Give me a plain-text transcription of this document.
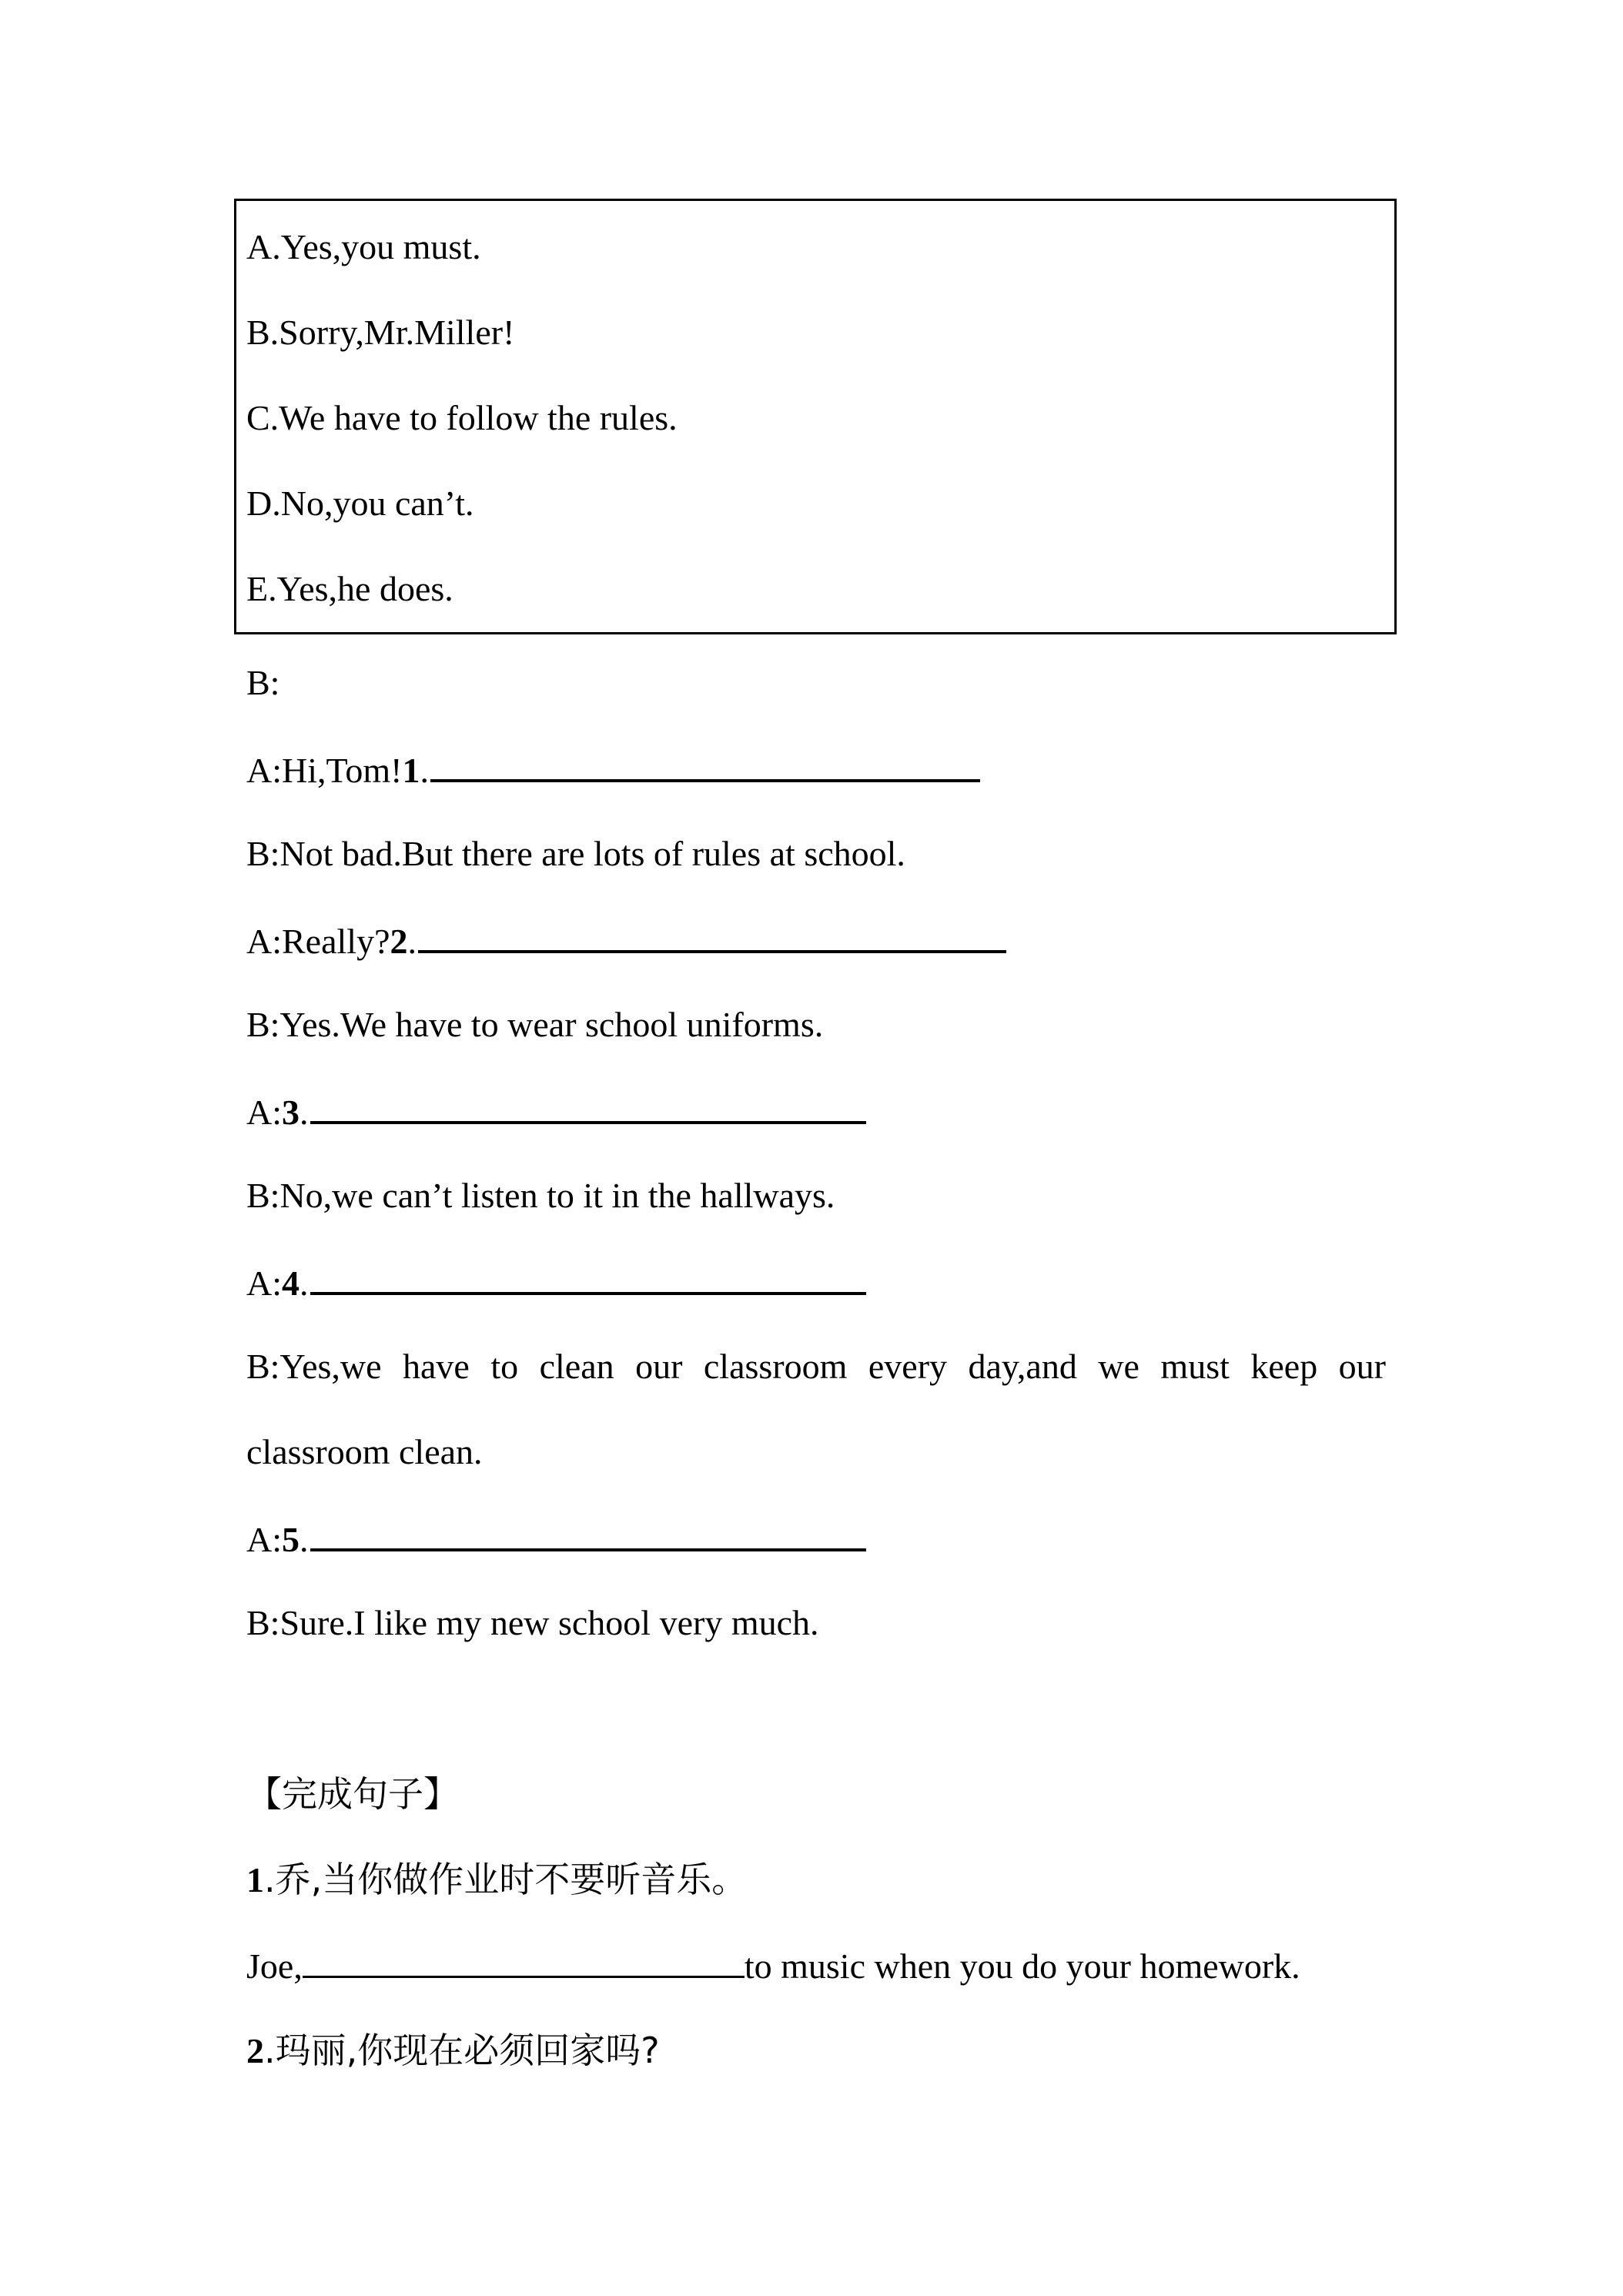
A.Yes,you must.
B.Sorry,Mr.Miller!
C.We have to follow the rules.
D.No,you can’t.
E.Yes,he does.
B:
A:Hi,Tom!1.
B:Not bad.But there are lots of rules at school.
A:Really?2.
B:Yes.We have to wear school uniforms.
A:3.
B:No,we can’t listen to it in the hallways.
A:4.
B:Yes,we have to clean our classroom every day,and we must keep our
classroom clean.
A:5.
B:Sure.I like my new school very much.
【完成句子】
1.乔,当你做作业时不要听音乐。
Joe,	to music when you do your homework.
2.玛丽,你现在必须回家吗?
